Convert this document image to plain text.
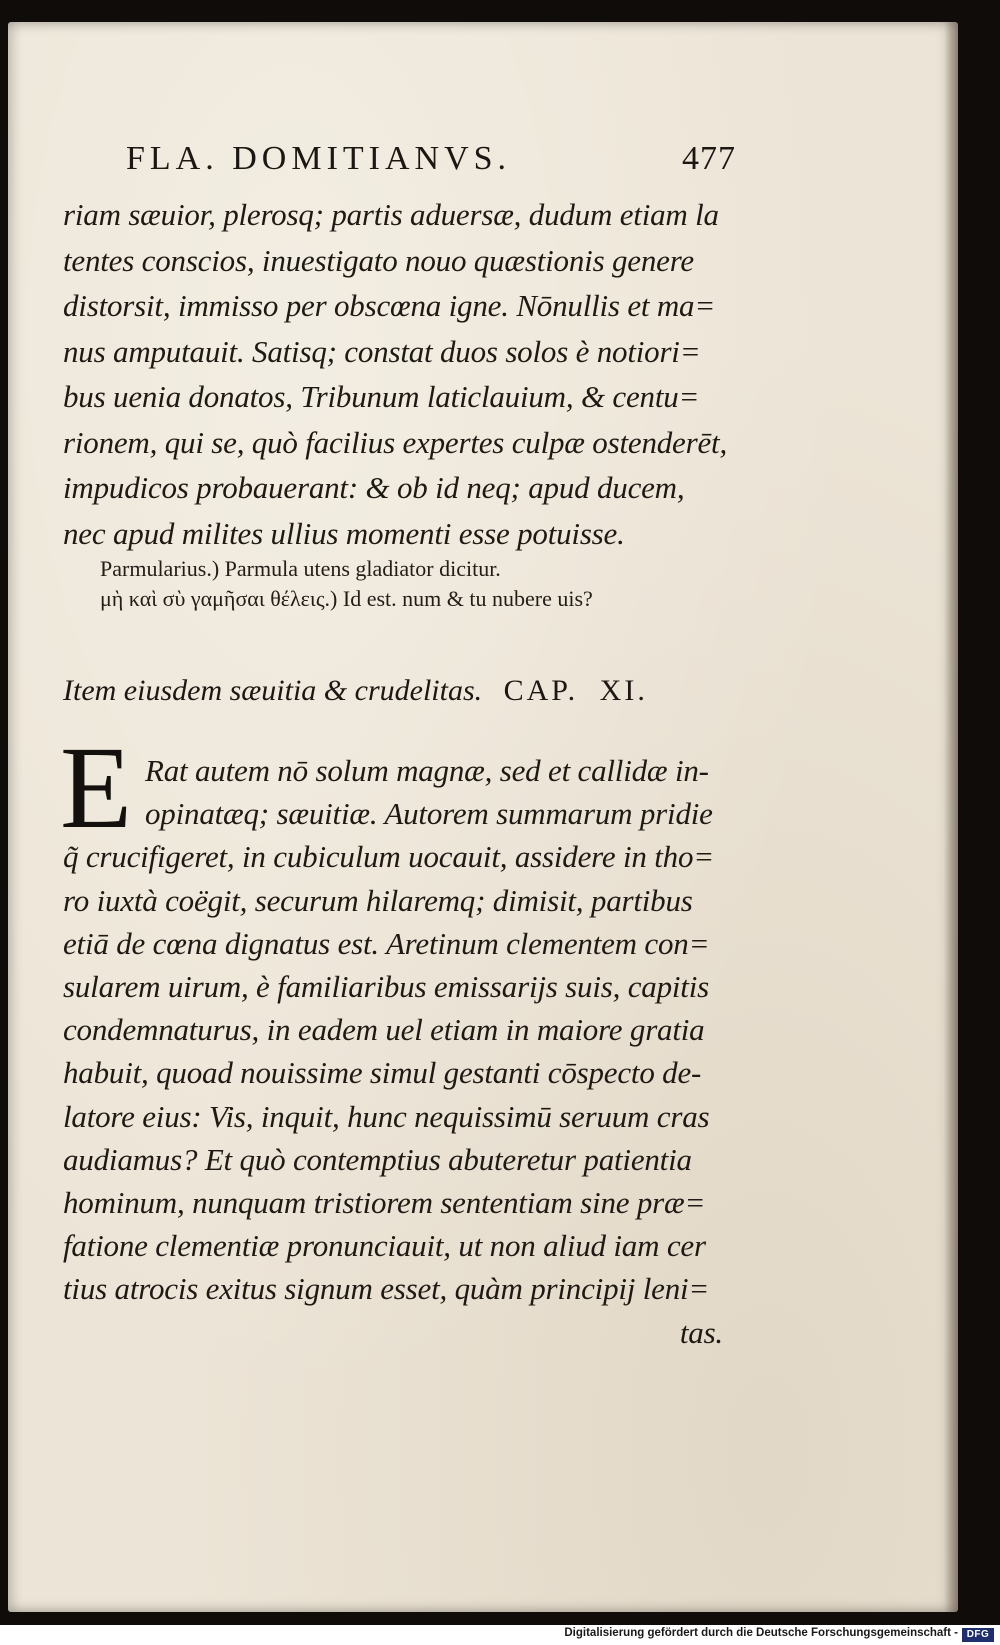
FLA. DOMITIANVS.	477
riam sæuior, plerosq; partis aduersæ, dudum etiam la
tentes conscios, inuestigato nouo quæstionis genere
distorsit, immisso per obscœna igne. Nōnullis et ma=
nus amputauit. Satisq; constat duos solos è notiori=
bus uenia donatos, Tribunum laticlauium, & centu=
rionem, qui se, quò facilius expertes culpæ ostenderēt,
impudicos probauerant: & ob id neq; apud ducem,
nec apud milites ullius momenti esse potuisse.
Parmularius.) Parmula utens gladiator dicitur.
μὴ καὶ σὺ γαμῆσαι θέλεις.) Id est. num & tu nubere uis?
Item eiusdem sæuitia & crudelitas. CAP. XI.
E Rat autem nō solum magnæ, sed et callidæ in-
opinatæq; sæuitiæ. Autorem summarum pridie
q̃ crucifigeret, in cubiculum uocauit, assidere in tho=
ro iuxtà coëgit, securum hilaremq; dimisit, partibus
etiā de cœna dignatus est. Aretinum clementem con=
sularem uirum, è familiaribus emissarijs suis, capitis
condemnaturus, in eadem uel etiam in maiore gratia
habuit, quoad nouissime simul gestanti cōspecto de-
latore eius: Vis, inquit, hunc nequissimū seruum cras
audiamus? Et quò contemptius abuteretur patientia
hominum, nunquam tristiorem sententiam sine præ=
fatione clementiæ pronunciauit, ut non aliud iam cer
tius atrocis exitus signum esset, quàm principij leni=
tas.
Digitalisierung gefördert durch die Deutsche Forschungsgemeinschaft - DFG
